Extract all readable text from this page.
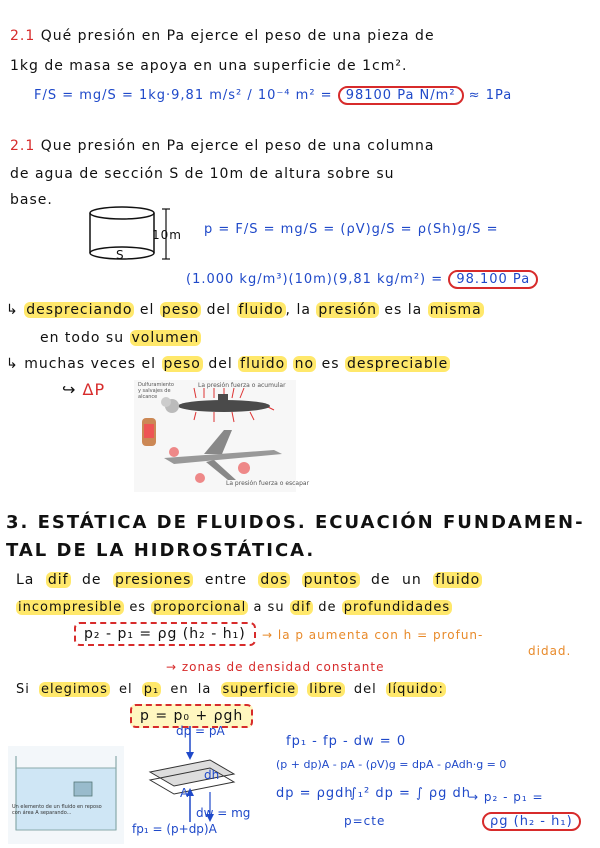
2.1 Qué presión en Pa ejerce el peso de una pieza de
1kg de masa se apoya en una superficie de 1cm².
F/S = mg/S = 1kg·9,81 m/s² / 10⁻⁴ m² = 98100 Pa N/m² ≈ 1Pa
2.1 Que presión en Pa ejerce el peso de una columna
de agua de sección S de 10m de altura sobre su
base.
10m
S
p = F/S = mg/S = (ρV)g/S = ρ(Sh)g/S =
(1.000 kg/m³)(10m)(9,81 kg/m²) = 98.100 Pa
↳ despreciando el peso del fluido , la presión es la misma
en todo su volumen
↳ muchas veces el peso del fluido no es despreciable
↪ ΔP	La presión fuerza o acumular
Dulfuramiento y salvajes de alcance
La presión fuerza o escapar
3. ESTÁTICA DE FLUIDOS. ECUACIÓN FUNDAMEN-
TAL DE LA HIDROSTÁTICA.
La dif de presiones entre dos puntos de un fluido
incompresible es proporcional a su dif de profundidades
p₂ - p₁ = ρg (h₂ - h₁)	→ la p aumenta con h = profun-
didad.
→ zonas de densidad constante
Si elegimos el p₁ en la superficie libre del líquido:
p = p₀ + ρgh
Un elemento de un fluido en reposo con área A separando...
dp = pA
dh
A
dw = mg
fp₁ = (p+dp)A
fp₁ - fp - dw = 0
(p + dp)A - pA - (ρV)g = dpA - ρAdh·g = 0
dp = ρgdh
∫₁² dp = ∫ ρg dh
→ p₂ - p₁ =
p=cte	ρg (h₂ - h₁)
